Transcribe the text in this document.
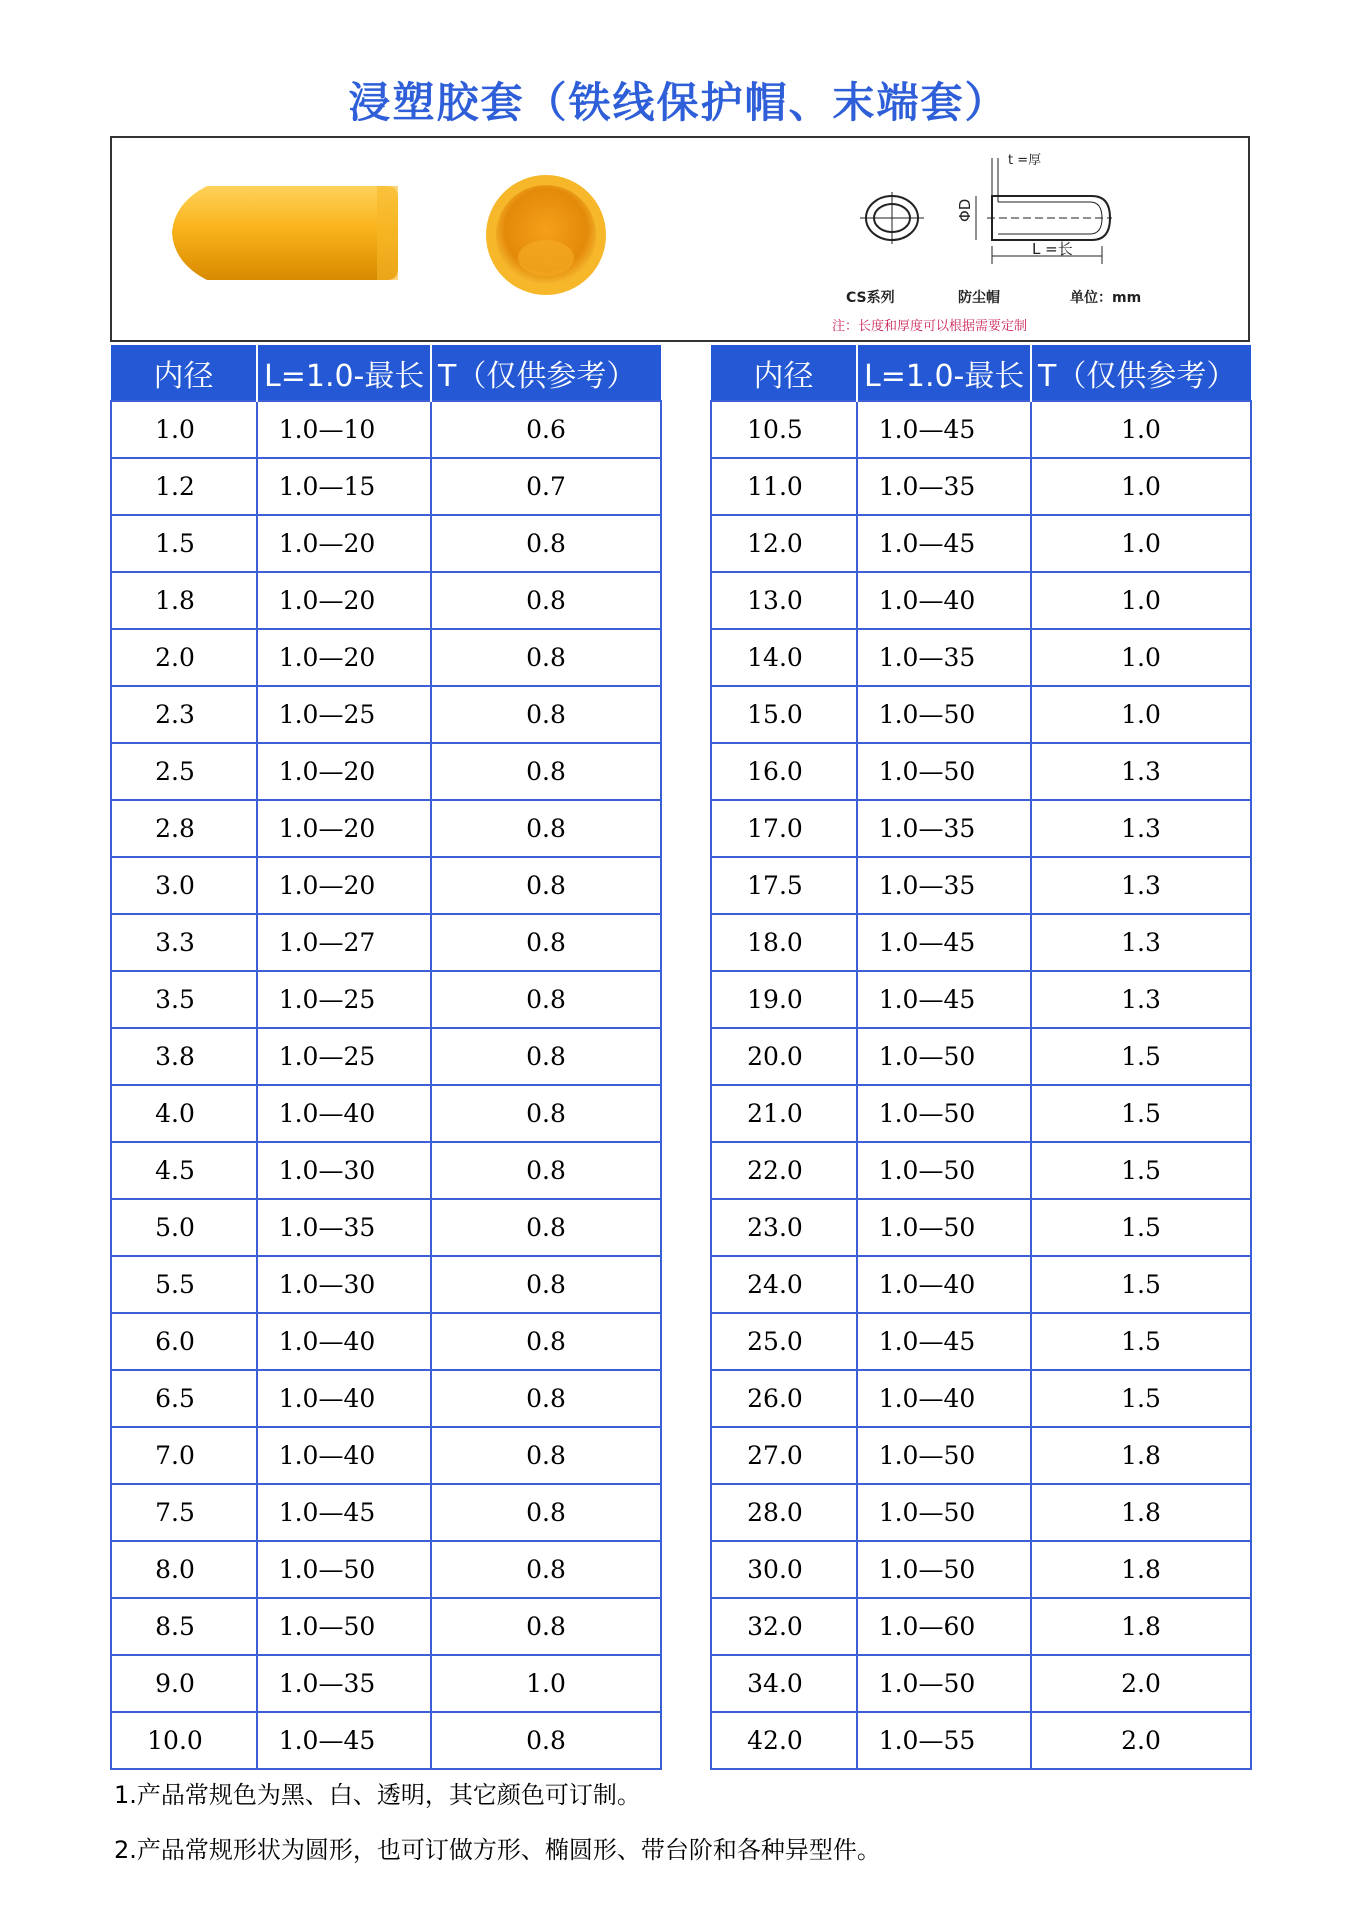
浸塑胶套（铁线保护帽、末端套）
t =厚
ΦD
L =长
CS系列	防尘帽	单位：mm
注：长度和厚度可以根据需要定制
内径	L=1.0-最长	T（仅供参考）
1.0	1.0—10	0.6
1.2	1.0—15	0.7
1.5	1.0—20	0.8
1.8	1.0—20	0.8
2.0	1.0—20	0.8
2.3	1.0—25	0.8
2.5	1.0—20	0.8
2.8	1.0—20	0.8
3.0	1.0—20	0.8
3.3	1.0—27	0.8
3.5	1.0—25	0.8
3.8	1.0—25	0.8
4.0	1.0—40	0.8
4.5	1.0—30	0.8
5.0	1.0—35	0.8
5.5	1.0—30	0.8
6.0	1.0—40	0.8
6.5	1.0—40	0.8
7.0	1.0—40	0.8
7.5	1.0—45	0.8
8.0	1.0—50	0.8
8.5	1.0—50	0.8
9.0	1.0—35	1.0
10.0	1.0—45	0.8
内径	L=1.0-最长	T（仅供参考）
10.5	1.0—45	1.0
11.0	1.0—35	1.0
12.0	1.0—45	1.0
13.0	1.0—40	1.0
14.0	1.0—35	1.0
15.0	1.0—50	1.0
16.0	1.0—50	1.3
17.0	1.0—35	1.3
17.5	1.0—35	1.3
18.0	1.0—45	1.3
19.0	1.0—45	1.3
20.0	1.0—50	1.5
21.0	1.0—50	1.5
22.0	1.0—50	1.5
23.0	1.0—50	1.5
24.0	1.0—40	1.5
25.0	1.0—45	1.5
26.0	1.0—40	1.5
27.0	1.0—50	1.8
28.0	1.0—50	1.8
30.0	1.0—50	1.8
32.0	1.0—60	1.8
34.0	1.0—50	2.0
42.0	1.0—55	2.0
1.产品常规色为黑、白、透明，其它颜色可订制。
2.产品常规形状为圆形，也可订做方形、椭圆形、带台阶和各种异型件。
